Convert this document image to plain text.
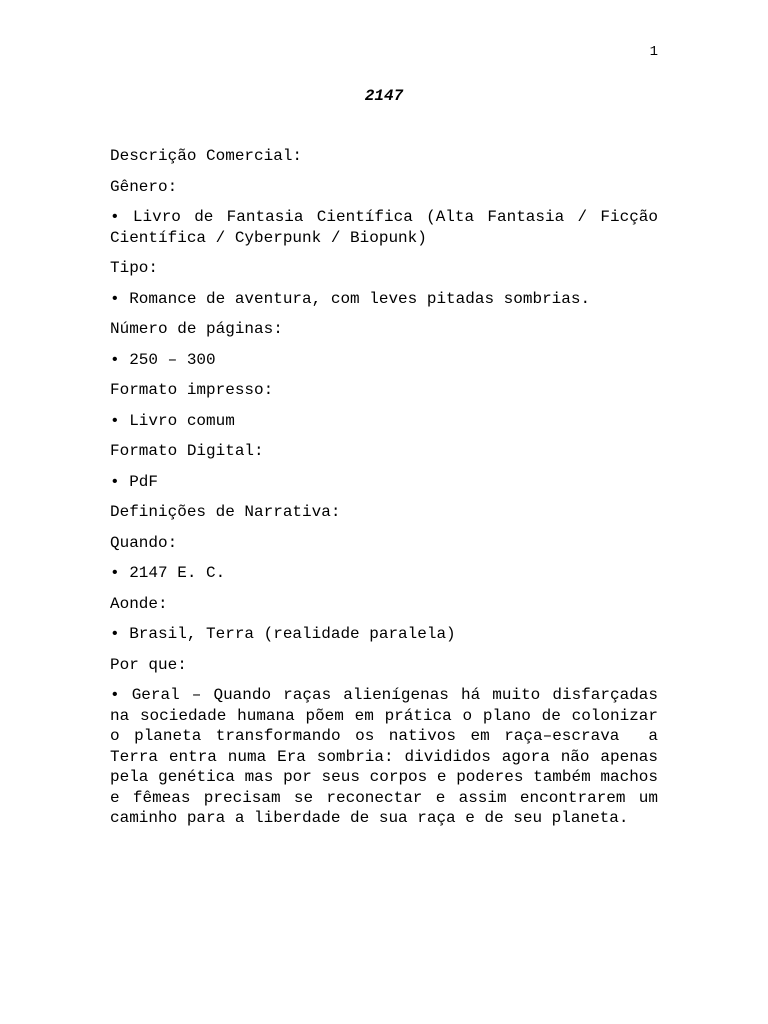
1
2147

Descrição Comercial:

Gênero:

• Livro de Fantasia Científica (Alta Fantasia / Ficção Científica / Cyberpunk / Biopunk)

Tipo:

• Romance de aventura, com leves pitadas sombrias.

Número de páginas:

• 250 – 300

Formato impresso:

• Livro comum

Formato Digital:

• PdF

Definições de Narrativa:

Quando:

• 2147 E. C.

Aonde:

• Brasil, Terra (realidade paralela)

Por que:

• Geral – Quando raças alienígenas há muito disfarçadas na sociedade humana põem em prática o plano de colonizar o planeta transformando os nativos em raça–escrava  a Terra entra numa Era sombria: divididos agora não apenas pela genética mas por seus corpos e poderes também machos e fêmeas precisam se reconectar e assim encontrarem um caminho para a liberdade de sua raça e de seu planeta.
